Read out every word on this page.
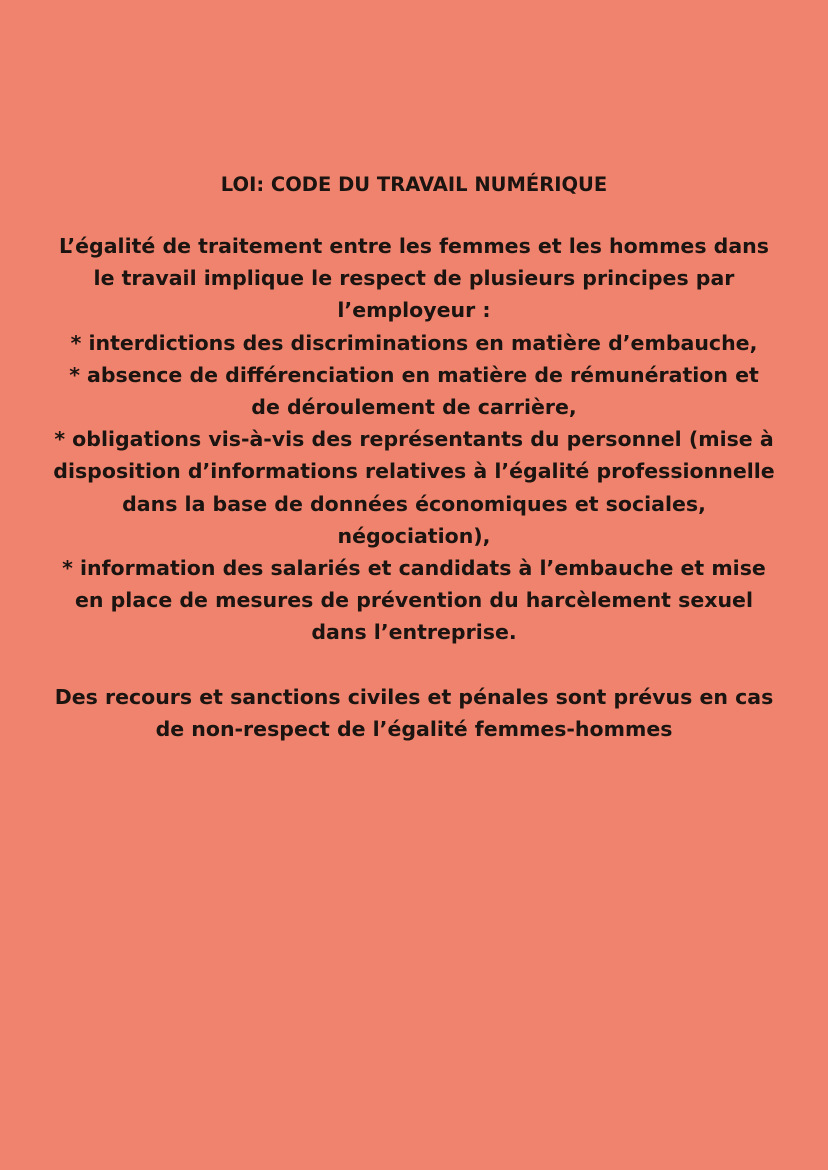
LOI: CODE DU TRAVAIL NUMÉRIQUE

L’égalité de traitement entre les femmes et les hommes dans
le travail implique le respect de plusieurs principes par
l’employeur :
* interdictions des discriminations en matière d’embauche,
* absence de différenciation en matière de rémunération et
de déroulement de carrière,
* obligations vis-à-vis des représentants du personnel (mise à
disposition d’informations relatives à l’égalité professionnelle
dans la base de données économiques et sociales,
négociation),
* information des salariés et candidats à l’embauche et mise
en place de mesures de prévention du harcèlement sexuel
dans l’entreprise.

Des recours et sanctions civiles et pénales sont prévus en cas
de non-respect de l’égalité femmes-hommes
